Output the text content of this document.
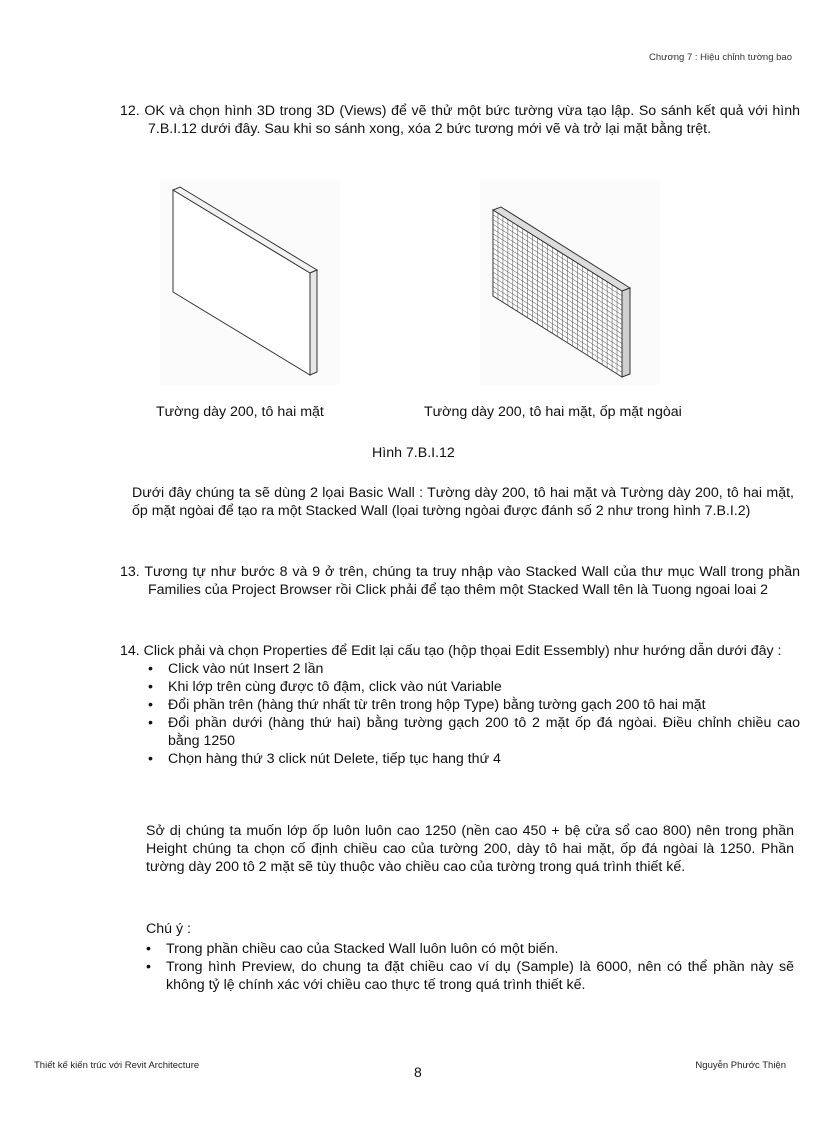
Chương 7 : Hiệu chỉnh tường bao
12. OK và chọn hình 3D trong 3D (Views) để vẽ thử một bức tường vừa tạo lập. So sánh kết quả với hình 7.B.I.12 dưới đây. Sau khi so sánh xong, xóa 2 bức tương mới vẽ và trở lại mặt bằng trệt.
Tường dày 200, tô hai mặt	Tường dày 200, tô hai mặt, ốp mặt ngòai
Hình 7.B.I.12
Dưới đây chúng ta sẽ dùng 2 lọai Basic Wall : Tường dày 200, tô hai mặt và Tường dày 200, tô hai mặt, ốp mặt ngòai để tạo ra một Stacked Wall (lọai tường ngòai được đánh số 2 như trong hình 7.B.I.2)
13. Tương tự như bước 8 và 9 ở trên, chúng ta truy nhập vào Stacked Wall của thư mục Wall trong phần Families của Project Browser rồi Click phải để tạo thêm một Stacked Wall tên là Tuong ngoai loai 2
14. Click phải và chọn Properties để Edit lại cấu tạo (hộp thọai Edit Essembly) như hướng dẫn dưới đây :
• Click vào nút Insert 2 lần
• Khi lớp trên cùng được tô đậm, click vào nút Variable
• Đổi phần trên (hàng thứ nhất từ trên trong hộp Type) bằng tường gạch 200 tô hai mặt
• Đổi phần dưới (hàng thứ hai) bằng tường gạch 200 tô 2 mặt ốp đá ngòai. Điều chỉnh chiều cao bằng 1250
• Chọn hàng thứ 3 click nút Delete, tiếp tục hang thứ 4
Sở dị chúng ta muốn lớp ốp luôn luôn cao 1250 (nền cao 450 + bệ cửa sổ cao 800) nên trong phần Height chúng ta chọn cố định chiều cao của tường 200, dày tô hai mặt, ốp đá ngòai là 1250. Phần tường dày 200 tô 2 mặt sẽ tùy thuộc vào chiều cao của tường trong quá trình thiết kế.
Chú ý :
• Trong phần chiều cao của Stacked Wall luôn luôn có một biến.
• Trong hình Preview, do chung ta đặt chiều cao ví dụ (Sample) là 6000, nên có thể phần này sẽ không tỷ lệ chính xác với chiều cao thực tế trong quá trình thiết kế.
Thiết kế kiến trúc với Revit Architecture	8	Nguyễn Phước Thiện
